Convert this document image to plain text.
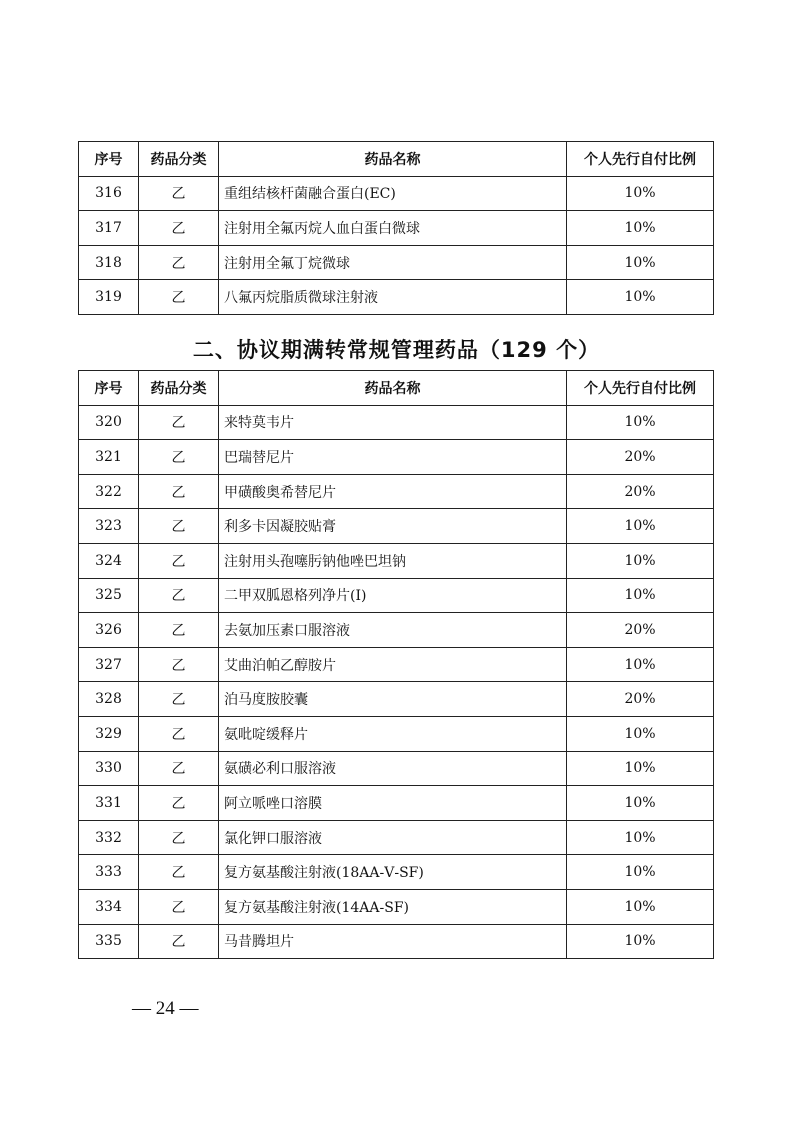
序号	药品分类	药品名称	个人先行自付比例
316	乙	重组结核杆菌融合蛋白(EC)	10%
317	乙	注射用全氟丙烷人血白蛋白微球	10%
318	乙	注射用全氟丁烷微球	10%
319	乙	八氟丙烷脂质微球注射液	10%
二、协议期满转常规管理药品（129 个）
序号	药品分类	药品名称	个人先行自付比例
320	乙	来特莫韦片	10%
321	乙	巴瑞替尼片	20%
322	乙	甲磺酸奥希替尼片	20%
323	乙	利多卡因凝胶贴膏	10%
324	乙	注射用头孢噻肟钠他唑巴坦钠	10%
325	乙	二甲双胍恩格列净片(Ⅰ)	10%
326	乙	去氨加压素口服溶液	20%
327	乙	艾曲泊帕乙醇胺片	10%
328	乙	泊马度胺胶囊	20%
329	乙	氨吡啶缓释片	10%
330	乙	氨磺必利口服溶液	10%
331	乙	阿立哌唑口溶膜	10%
332	乙	氯化钾口服溶液	10%
333	乙	复方氨基酸注射液(18AA-Ⅴ-SF)	10%
334	乙	复方氨基酸注射液(14AA-SF)	10%
335	乙	马昔腾坦片	10%
— 24 —
